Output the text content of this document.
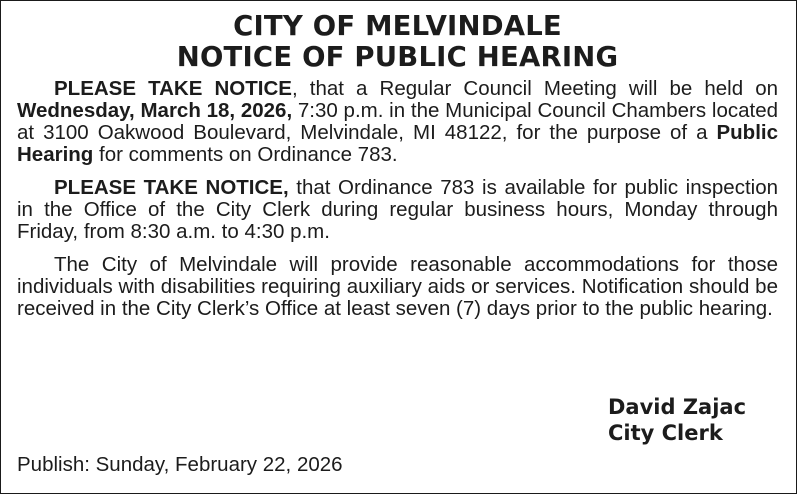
CITY OF MELVINDALE
NOTICE OF PUBLIC HEARING

PLEASE TAKE NOTICE, that a Regular Council Meeting will be held on Wednesday, March 18, 2026, 7:30 p.m. in the Municipal Council Chambers located at 3100 Oakwood Boulevard, Melvindale, MI 48122, for the purpose of a Public Hearing for comments on Ordinance 783.

PLEASE TAKE NOTICE, that Ordinance 783 is available for public inspection in the Office of the City Clerk during regular business hours, Monday through Friday, from 8:30 a.m. to 4:30 p.m.

The City of Melvindale will provide reasonable accommodations for those individuals with disabilities requiring auxiliary aids or services. Notification should be received in the City Clerk’s Office at least seven (7) days prior to the public hearing.

David Zajac
City Clerk
Publish: Sunday, February 22, 2026
